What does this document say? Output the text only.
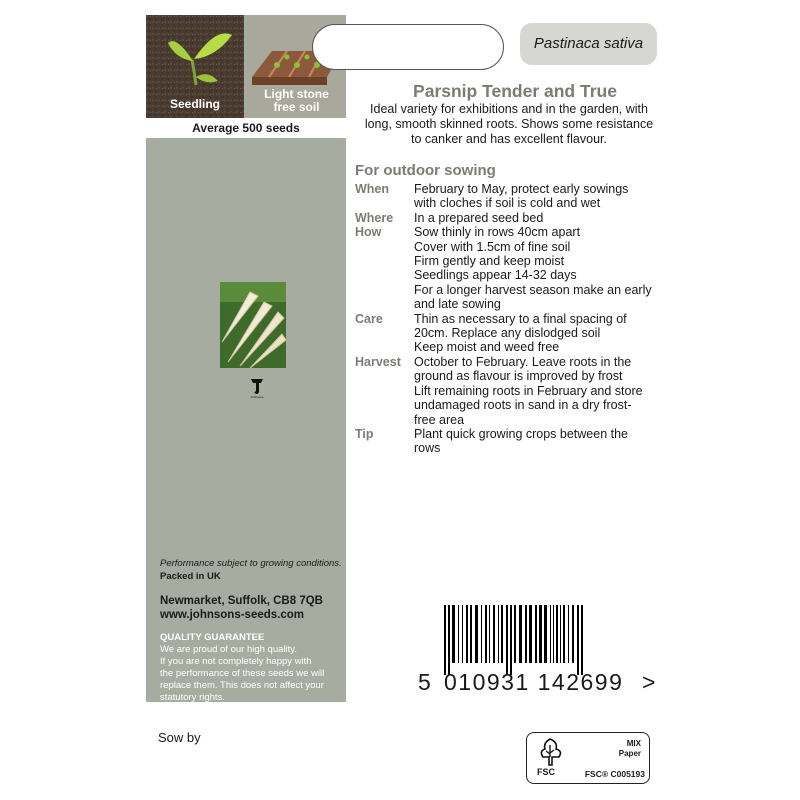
Seedling
Light stone
free soil
Average 500 seeds
Johnsons
Performance subject to growing conditions.
Packed in UK
Newmarket, Suffolk, CB8 7QB
www.johnsons-seeds.com
QUALITY GUARANTEE
We are proud of our high quality.
If you are not completely happy with
the performance of these seeds we will
replace them. This does not affect your
statutory rights.
Pastinaca sativa
Parsnip Tender and True
Ideal variety for exhibitions and in the garden, with
long, smooth skinned roots. Shows some resistance
to canker and has excellent flavour.
For outdoor sowing
When	February to May, protect early sowings
with cloches if soil is cold and wet
Where	In a prepared seed bed
How	Sow thinly in rows 40cm apart
Cover with 1.5cm of fine soil
Firm gently and keep moist
Seedlings appear 14-32 days
For a longer harvest season make an early
and late sowing
Care	Thin as necessary to a final spacing of
20cm. Replace any dislodged soil
Keep moist and weed free
Harvest	October to February. Leave roots in the
ground as flavour is improved by frost
Lift remaining roots in February and store
undamaged roots in sand in a dry frost-
free area
Tip	Plant quick growing crops between the
rows
5 010931 142699 >
Sow by
FSC
MIX
Paper
FSC® C005193
